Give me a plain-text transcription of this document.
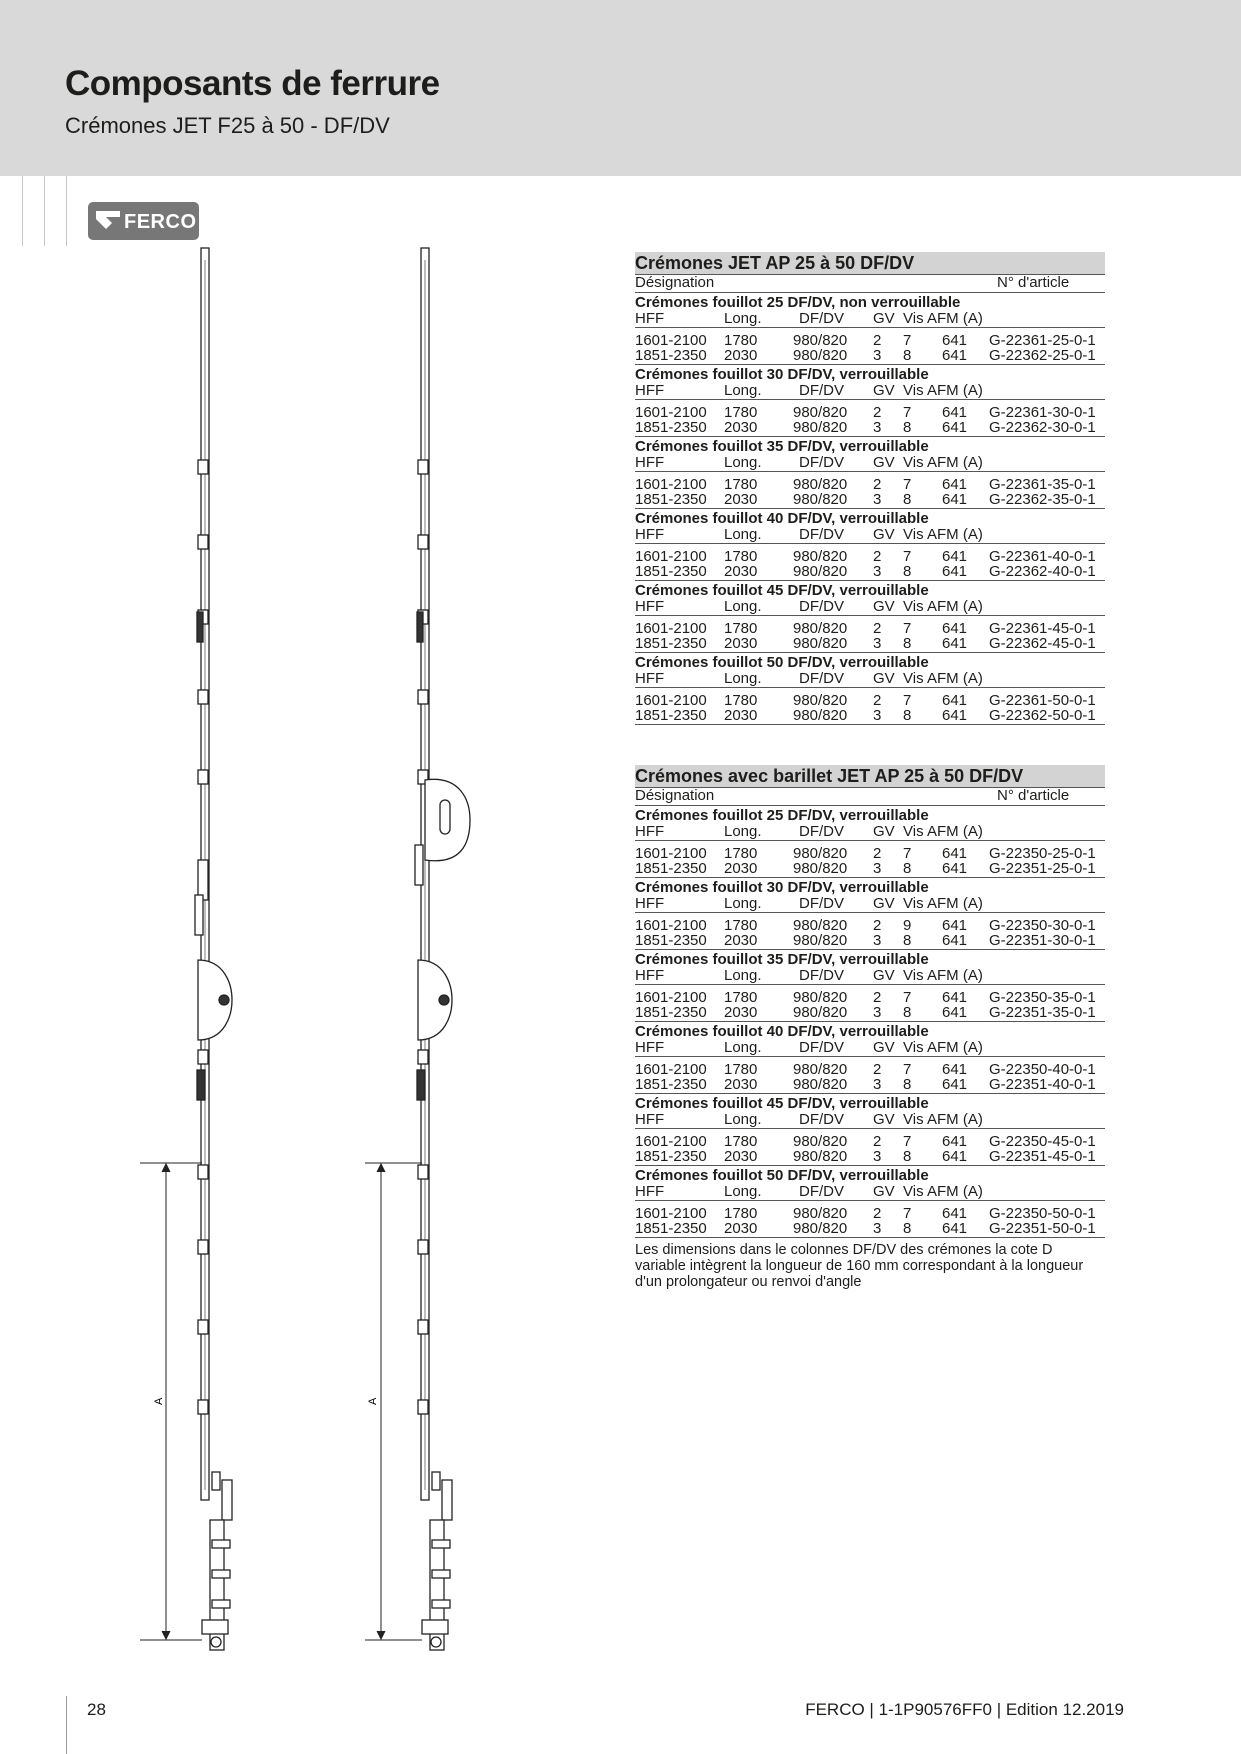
Composants de ferrure
Crémones JET F25 à 50 - DF/DV
FERCO
A	A
Crémones JET AP 25 à 50 DF/DV
Désignation	N° d'article
Crémones fouillot 25 DF/DV, non verrouillable
HFF	Long. DF/DV GV Vis AFM (A)
1601-2100 1780 980/820 2 7 641 G-22361-25-0-1
1851-2350 2030 980/820 3 8 641 G-22362-25-0-1
Crémones fouillot 30 DF/DV, verrouillable
HFF	Long. DF/DV GV Vis AFM (A)
1601-2100 1780 980/820 2 7 641 G-22361-30-0-1
1851-2350 2030 980/820 3 8 641 G-22362-30-0-1
Crémones fouillot 35 DF/DV, verrouillable
HFF	Long. DF/DV GV Vis AFM (A)
1601-2100 1780 980/820 2 7 641 G-22361-35-0-1
1851-2350 2030 980/820 3 8 641 G-22362-35-0-1
Crémones fouillot 40 DF/DV, verrouillable
HFF	Long. DF/DV GV Vis AFM (A)
1601-2100 1780 980/820 2 7 641 G-22361-40-0-1
1851-2350 2030 980/820 3 8 641 G-22362-40-0-1
Crémones fouillot 45 DF/DV, verrouillable
HFF	Long. DF/DV GV Vis AFM (A)
1601-2100 1780 980/820 2 7 641 G-22361-45-0-1
1851-2350 2030 980/820 3 8 641 G-22362-45-0-1
Crémones fouillot 50 DF/DV, verrouillable
HFF	Long. DF/DV GV Vis AFM (A)
1601-2100 1780 980/820 2 7 641 G-22361-50-0-1
1851-2350 2030 980/820 3 8 641 G-22362-50-0-1
Crémones avec barillet JET AP 25 à 50 DF/DV
Désignation	N° d'article
Crémones fouillot 25 DF/DV, verrouillable
HFF	Long. DF/DV GV Vis AFM (A)
1601-2100 1780 980/820 2 7 641 G-22350-25-0-1
1851-2350 2030 980/820 3 8 641 G-22351-25-0-1
Crémones fouillot 30 DF/DV, verrouillable
HFF	Long. DF/DV GV Vis AFM (A)
1601-2100 1780 980/820 2 9 641 G-22350-30-0-1
1851-2350 2030 980/820 3 8 641 G-22351-30-0-1
Crémones fouillot 35 DF/DV, verrouillable
HFF	Long. DF/DV GV Vis AFM (A)
1601-2100 1780 980/820 2 7 641 G-22350-35-0-1
1851-2350 2030 980/820 3 8 641 G-22351-35-0-1
Crémones fouillot 40 DF/DV, verrouillable
HFF	Long. DF/DV GV Vis AFM (A)
1601-2100 1780 980/820 2 7 641 G-22350-40-0-1
1851-2350 2030 980/820 3 8 641 G-22351-40-0-1
Crémones fouillot 45 DF/DV, verrouillable
HFF	Long. DF/DV GV Vis AFM (A)
1601-2100 1780 980/820 2 7 641 G-22350-45-0-1
1851-2350 2030 980/820 3 8 641 G-22351-45-0-1
Crémones fouillot 50 DF/DV, verrouillable
HFF	Long. DF/DV GV Vis AFM (A)
1601-2100 1780 980/820 2 7 641 G-22350-50-0-1
1851-2350 2030 980/820 3 8 641 G-22351-50-0-1
Les dimensions dans le colonnes DF/DV des crémones la cote D variable intègrent la longueur de 160 mm correspondant à la longueur d'un prolongateur ou renvoi d'angle
28	FERCO | 1-1P90576FF0 | Edition 12.2019
